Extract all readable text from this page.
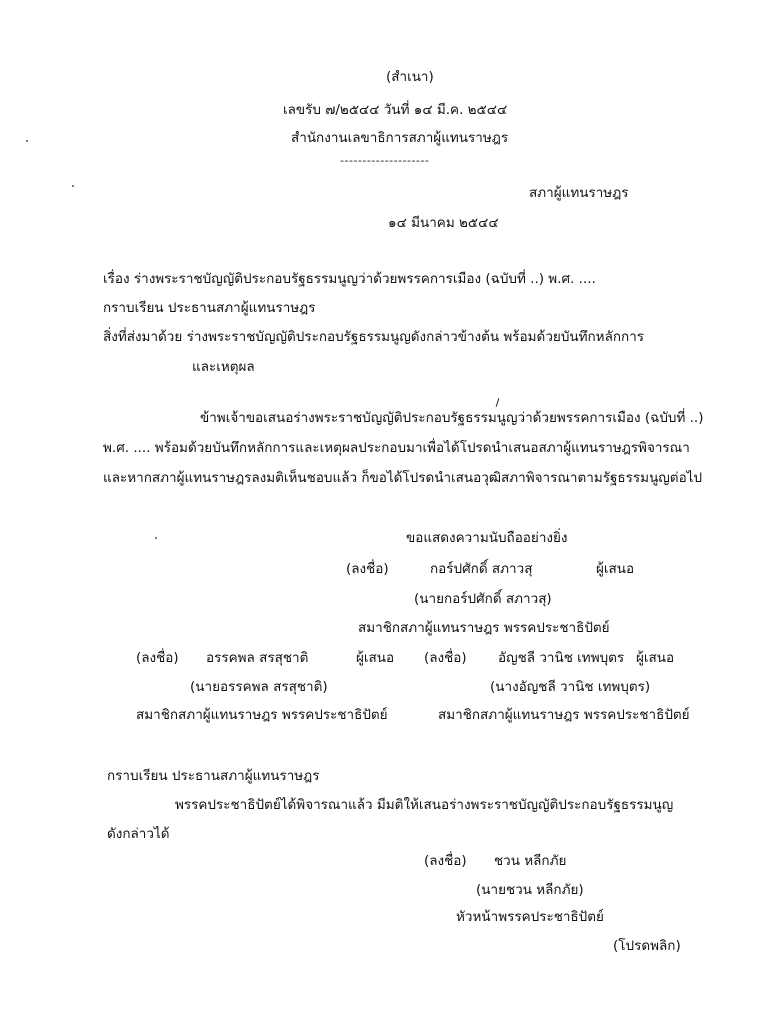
(สำเนา)
เลขรับ ๗/๒๕๔๔ วันที่ ๑๔ มี.ค. ๒๕๔๔
สำนักงานเลขาธิการสภาผู้แทนราษฎร
--------------------
สภาผู้แทนราษฎร
๑๔ มีนาคม ๒๕๔๔
เรื่อง ร่างพระราชบัญญัติประกอบรัฐธรรมนูญว่าด้วยพรรคการเมือง (ฉบับที่ ..) พ.ศ. ....
กราบเรียน ประธานสภาผู้แทนราษฎร
สิ่งที่ส่งมาด้วย ร่างพระราชบัญญัติประกอบรัฐธรรมนูญดังกล่าวข้างต้น พร้อมด้วยบันทึกหลักการ
และเหตุผล
ข้าพเจ้าขอเสนอร่างพระราชบัญญัติประกอบรัฐธรรมนูญว่าด้วยพรรคการเมือง (ฉบับที่ ..)
พ.ศ. .... พร้อมด้วยบันทึกหลักการและเหตุผลประกอบมาเพื่อได้โปรดนำเสนอสภาผู้แทนราษฎรพิจารณา
และหากสภาผู้แทนราษฎรลงมติเห็นชอบแล้ว ก็ขอได้โปรดนำเสนอวุฒิสภาพิจารณาตามรัฐธรรมนูญต่อไป
ขอแสดงความนับถืออย่างยิ่ง
(ลงชื่อ)	กอร์ปศักดิ์ สภาวสุ	ผู้เสนอ
(นายกอร์ปศักดิ์ สภาวสุ)
สมาชิกสภาผู้แทนราษฎร พรรคประชาธิปัตย์
(ลงชื่อ) อรรคพล สรสุชาติ	ผู้เสนอ
(นายอรรคพล สรสุชาติ)
สมาชิกสภาผู้แทนราษฎร พรรคประชาธิปัตย์
(ลงชื่อ) อัญชลี วานิช เทพบุตร ผู้เสนอ
(นางอัญชลี วานิช เทพบุตร)
สมาชิกสภาผู้แทนราษฎร พรรคประชาธิปัตย์
กราบเรียน ประธานสภาผู้แทนราษฎร
พรรคประชาธิปัตย์ได้พิจารณาแล้ว มีมติให้เสนอร่างพระราชบัญญัติประกอบรัฐธรรมนูญ
ดังกล่าวได้
(ลงชื่อ) ชวน หลีกภัย
(นายชวน หลีกภัย)
หัวหน้าพรรคประชาธิปัตย์
(โปรดพลิก)
